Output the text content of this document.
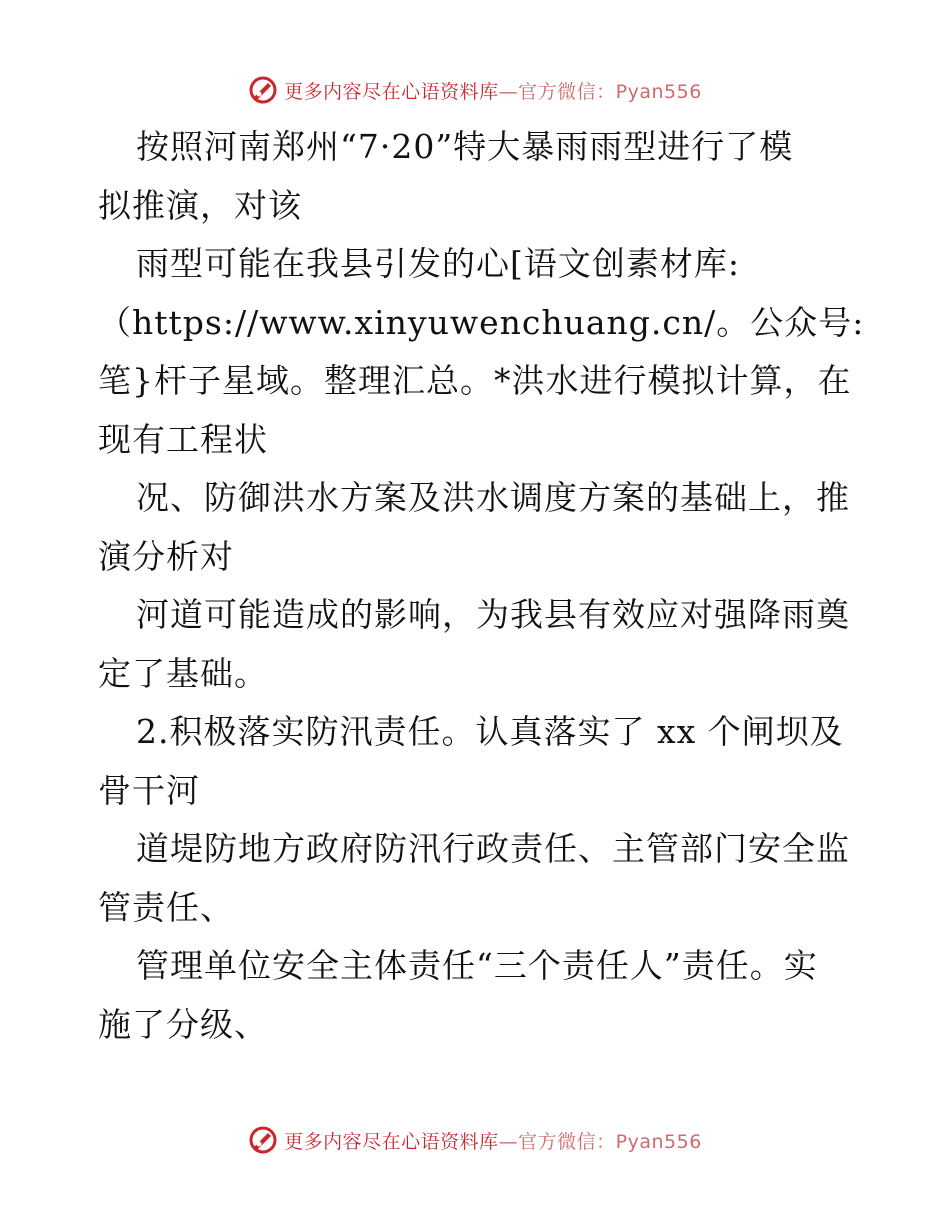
更多内容尽在心语资料库—官方微信：Pyan556
按照河南郑州“7·20”特大暴雨雨型进行了模
拟推演，对该
雨型可能在我县引发的心[语文创素材库:
（https://www.xinyuwenchuang.cn/。公众号:
笔}杆子星域。整理汇总。*洪水进行模拟计算，在
现有工程状
况、防御洪水方案及洪水调度方案的基础上，推
演分析对
河道可能造成的影响，为我县有效应对强降雨奠
定了基础。
2.积极落实防汛责任。认真落实了 xx 个闸坝及
骨干河
道堤防地方政府防汛行政责任、主管部门安全监
管责任、
管理单位安全主体责任“三个责任人”责任。实
施了分级、
更多内容尽在心语资料库—官方微信：Pyan556
